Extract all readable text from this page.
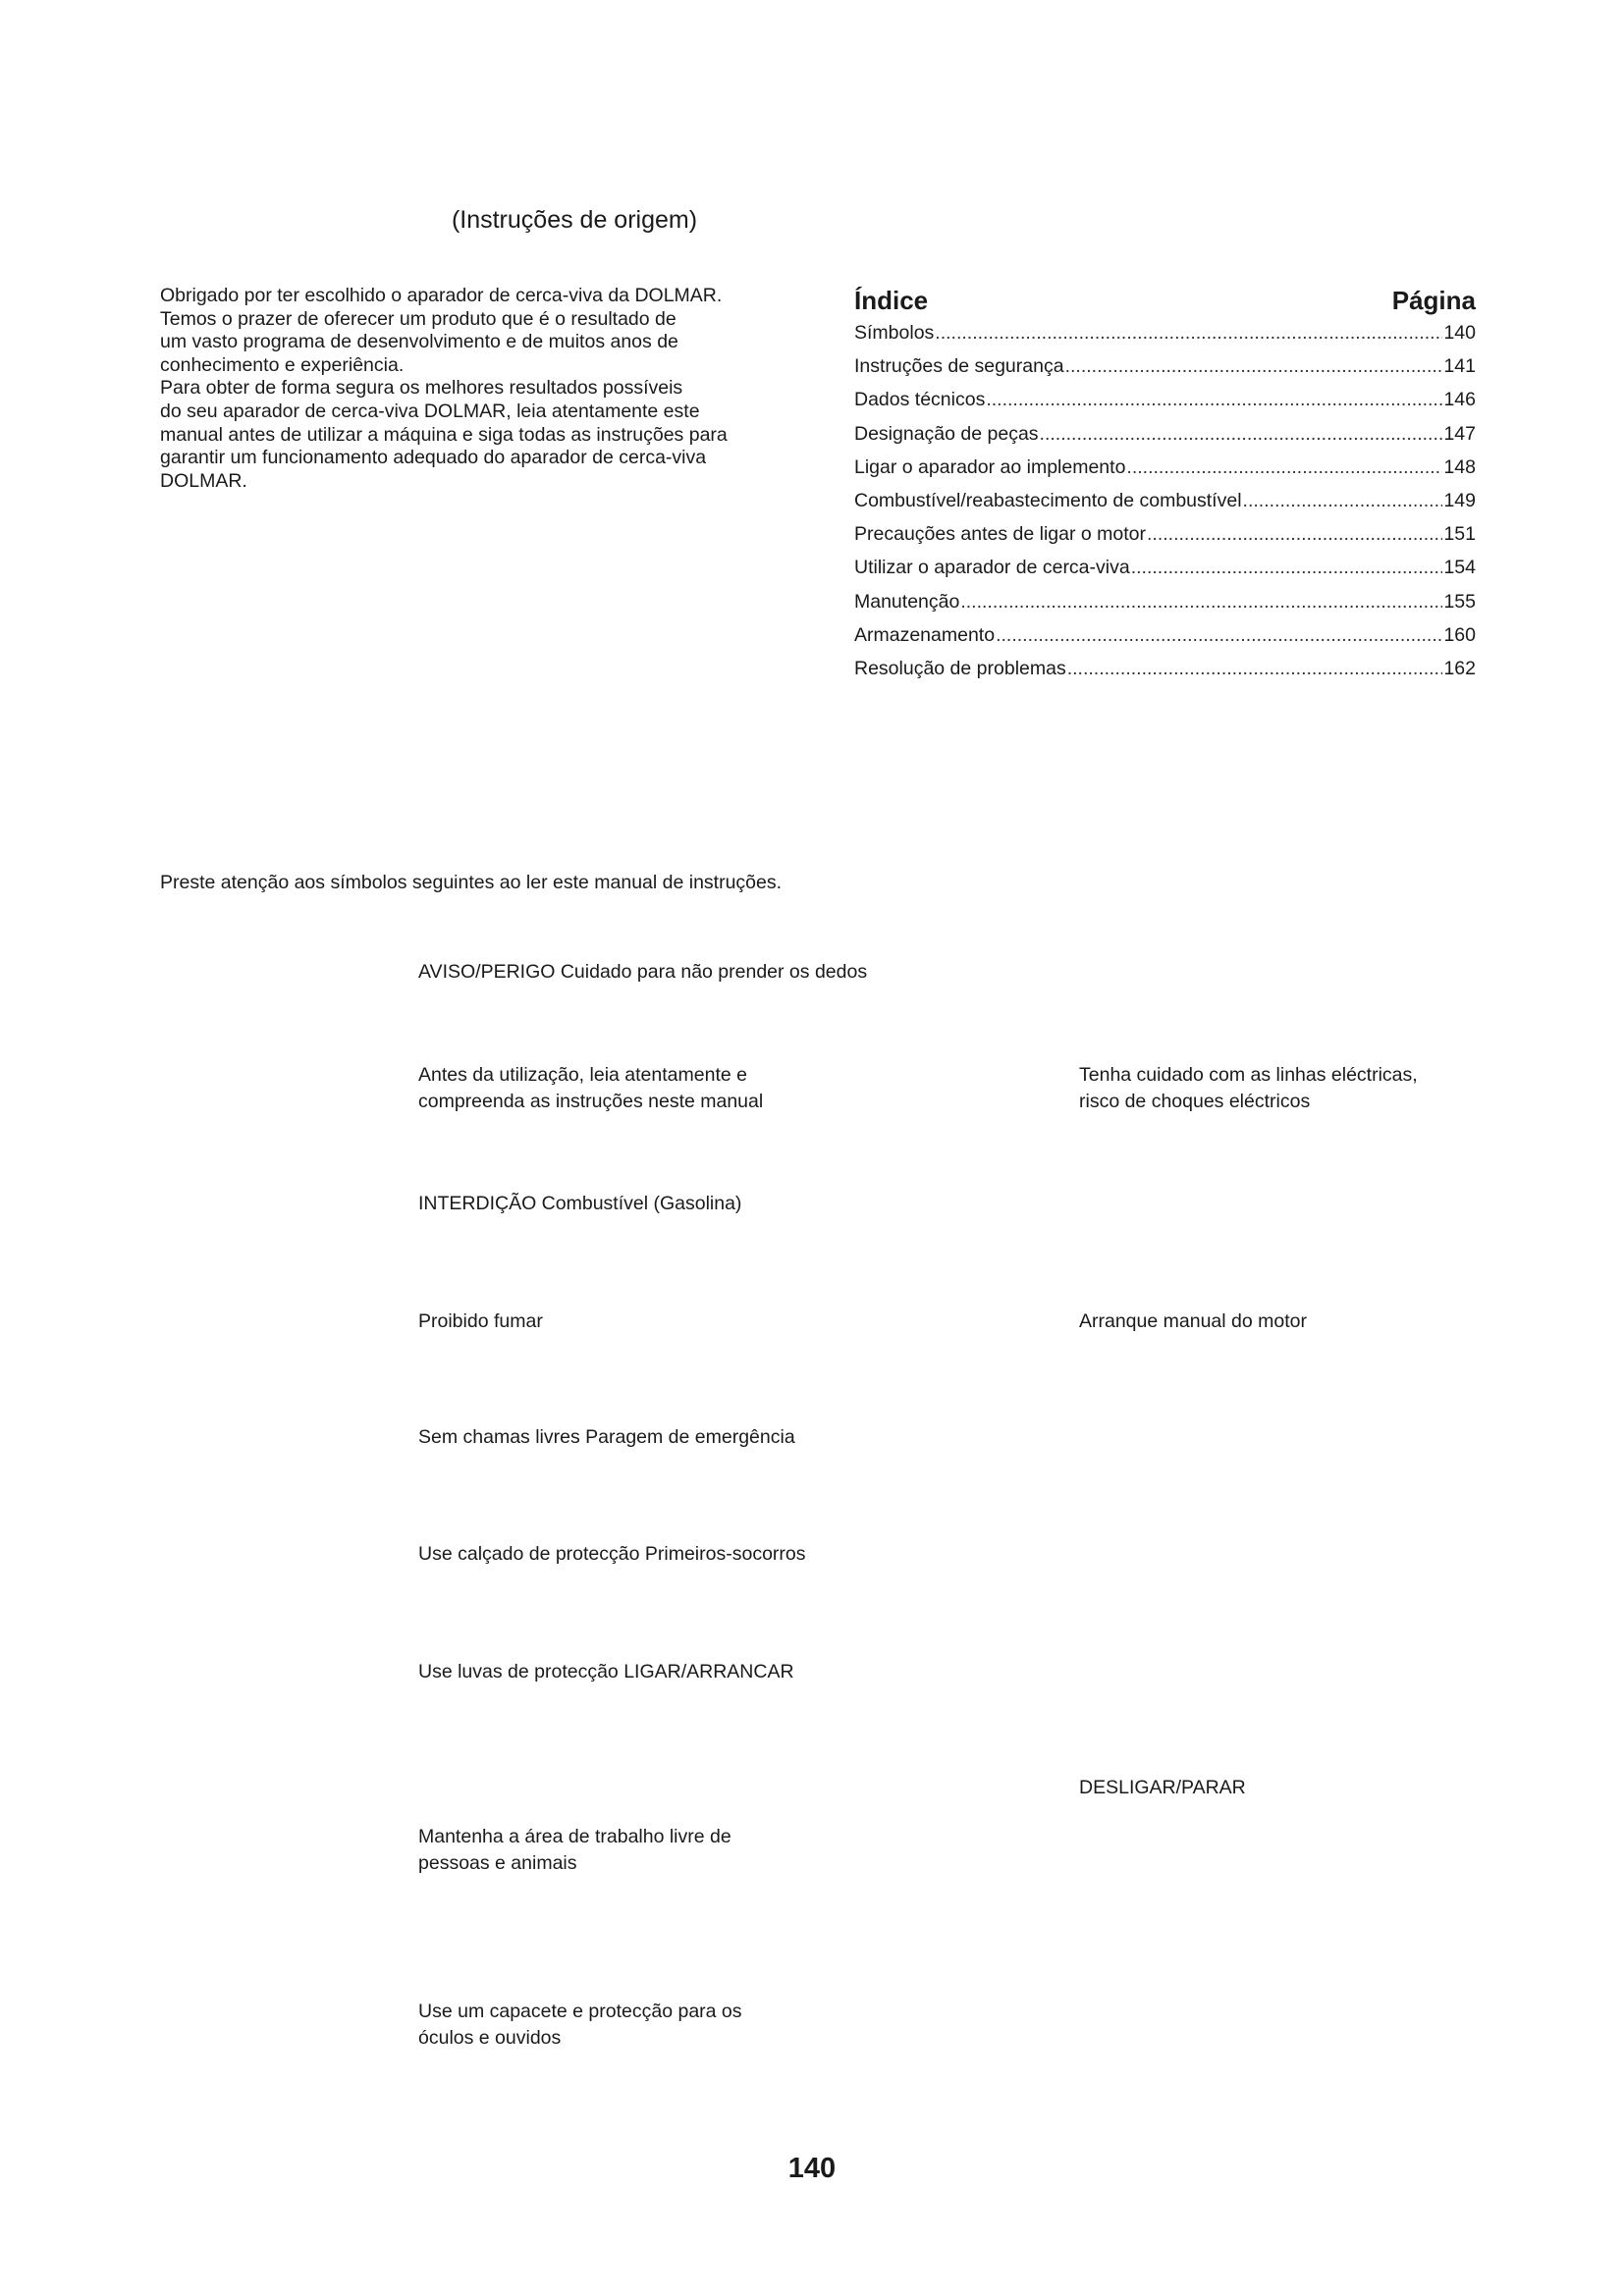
(Instruções de origem)

Obrigado por ter escolhido o aparador de cerca-viva da DOLMAR.

Temos o prazer de oferecer um produto que é o resultado de

um vasto programa de desenvolvimento e de muitos anos de

conhecimento e experiência.

Para obter de forma segura os melhores resultados possíveis

do seu aparador de cerca-viva DOLMAR, leia atentamente este

manual antes de utilizar a máquina e siga todas as instruções para

garantir um funcionamento adequado do aparador de cerca-viva

DOLMAR.

Índice	Página
Símbolos .....	140
Instruções de segurança .....	141
Dados técnicos .....	146
Designação de peças .....	147
Ligar o aparador ao implemento .....	148
Combustível/reabastecimento de combustível .....	149
Precauções antes de ligar o motor .....	151
Utilizar o aparador de cerca-viva .....	154
Manutenção .....	155
Armazenamento .....	160
Resolução de problemas .....	162
Preste atenção aos símbolos seguintes ao ler este manual de instruções.
AVISO/PERIGO Cuidado para não prender os dedos
Antes da utilização, leia atentamente e
compreenda as instruções neste manual
Tenha cuidado com as linhas eléctricas,
risco de choques eléctricos
INTERDIÇÃO Combustível (Gasolina)
Proibido fumar	Arranque manual do motor
Sem chamas livres Paragem de emergência
Use calçado de protecção Primeiros-socorros
Use luvas de protecção LIGAR/ARRANCAR
DESLIGAR/PARAR
Mantenha a área de trabalho livre de
pessoas e animais
Use um capacete e protecção para os
óculos e ouvidos
140
